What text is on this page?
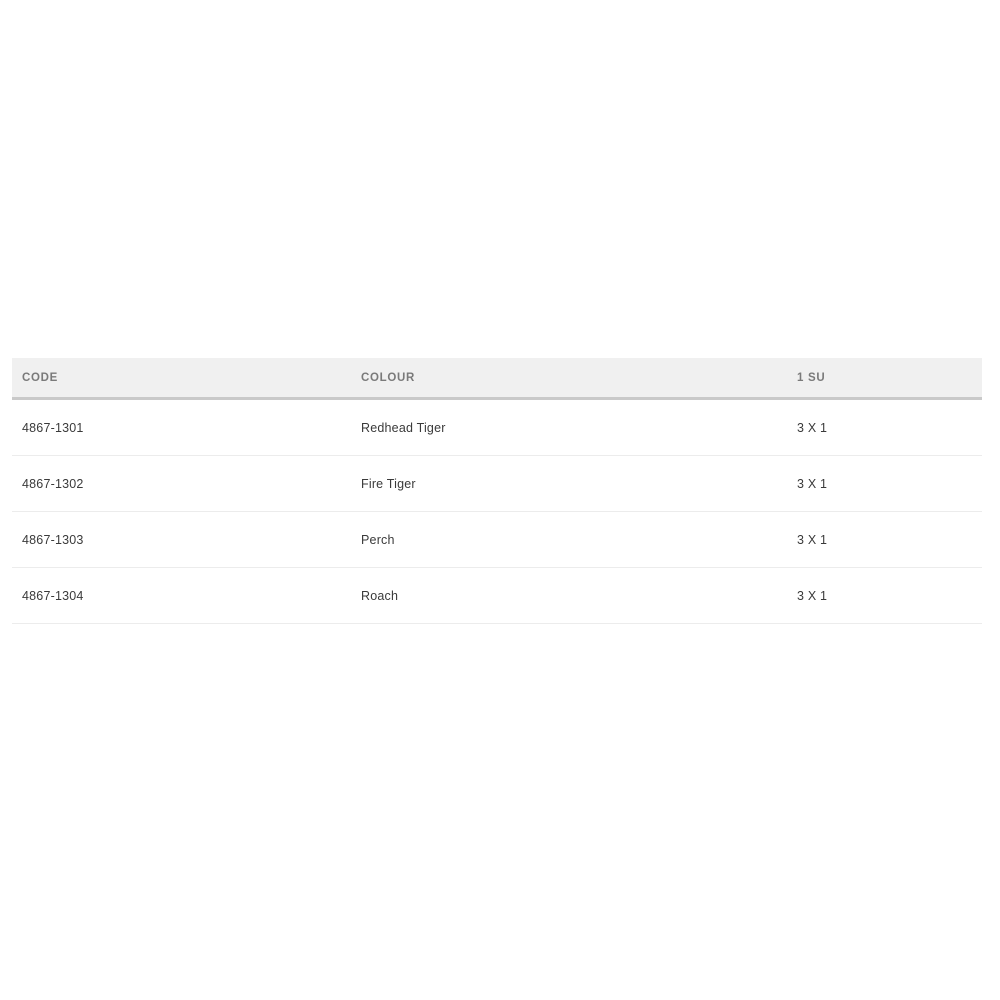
CODE	COLOUR	1 SU
4867-1301	Redhead Tiger	3 X 1
4867-1302	Fire Tiger	3 X 1
4867-1303	Perch	3 X 1
4867-1304	Roach	3 X 1
